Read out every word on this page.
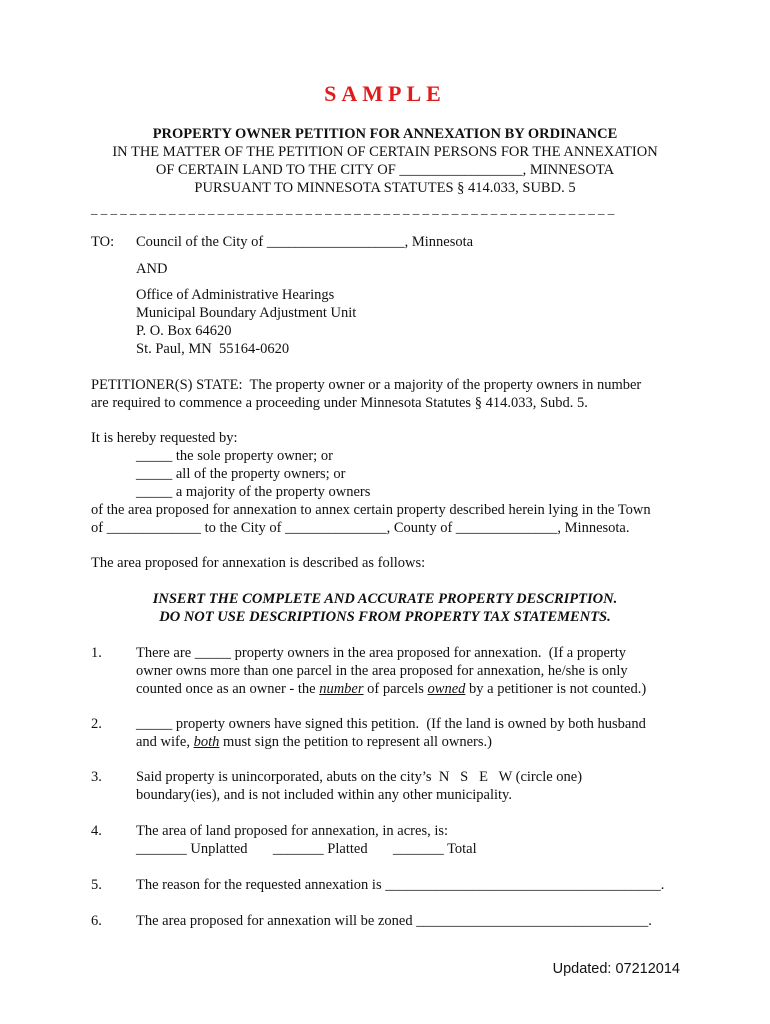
SAMPLE
PROPERTY OWNER PETITION FOR ANNEXATION BY ORDINANCE
IN THE MATTER OF THE PETITION OF CERTAIN PERSONS FOR THE ANNEXATION
OF CERTAIN LAND TO THE CITY OF _________________, MINNESOTA
PURSUANT TO MINNESOTA STATUTES § 414.033, SUBD. 5
_ _ _ _ _ _ _ _ _ _ _ _ _ _ _ _ _ _ _ _ _ _ _ _ _ _ _ _ _ _ _ _ _ _ _ _ _ _ _ _ _ _ _ _ _ _ _ _ _ _ _ _ _ _
TO: Council of the City of ___________________, Minnesota
AND
Office of Administrative Hearings
Municipal Boundary Adjustment Unit
P. O. Box 64620
St. Paul, MN  55164-0620
PETITIONER(S) STATE:  The property owner or a majority of the property owners in number
are required to commence a proceeding under Minnesota Statutes § 414.033, Subd. 5.
It is hereby requested by:
_____ the sole property owner; or
_____ all of the property owners; or
_____ a majority of the property owners
of the area proposed for annexation to annex certain property described herein lying in the Town
of _____________ to the City of ______________, County of ______________, Minnesota.
The area proposed for annexation is described as follows:
INSERT THE COMPLETE AND ACCURATE PROPERTY DESCRIPTION.
DO NOT USE DESCRIPTIONS FROM PROPERTY TAX STATEMENTS.
1. There are _____ property owners in the area proposed for annexation.  (If a property
owner owns more than one parcel in the area proposed for annexation, he/she is only
counted once as an owner - the number of parcels owned by a petitioner is not counted.)
2. _____ property owners have signed this petition.  (If the land is owned by both husband
and wife, both must sign the petition to represent all owners.)
3. Said property is unincorporated, abuts on the city’s  N   S   E   W (circle one)
boundary(ies), and is not included within any other municipality.
4. The area of land proposed for annexation, in acres, is:
_______ Unplatted       _______ Platted       _______ Total
5. The reason for the requested annexation is ______________________________________.
6. The area proposed for annexation will be zoned ________________________________.
Updated: 07212014
